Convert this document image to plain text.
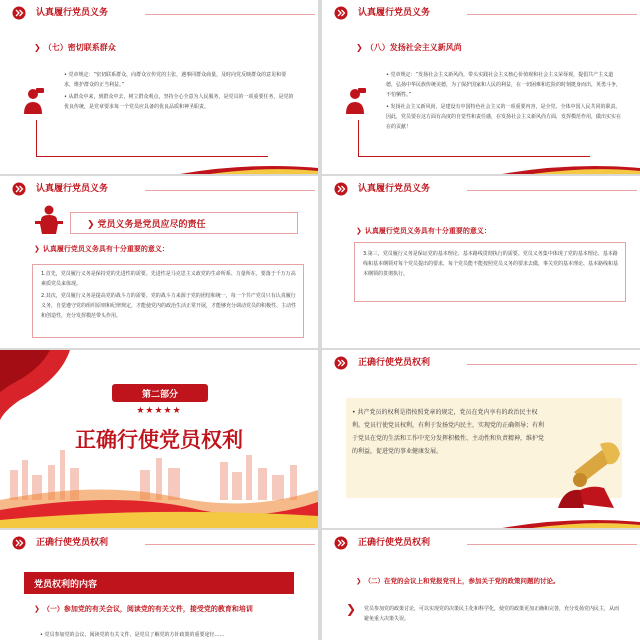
认真履行党员义务
❯ （七）密切联系群众

• 党章规定：“密切联系群众，向群众宣传党的主张，遇事同群众商量，及时向党反映群众的意见和要求，维护群众的正当利益。”

• 从群众中来，到群众中去，树立群众观点，坚持全心全意为人民服务，是党员的一项重要任务，是党的优良传统，是党章要求每一个党员应具备的优良品质和神圣职责。

认真履行党员义务
❯ （八）发扬社会主义新风尚

• 党章规定：“发扬社会主义新风尚，带头实践社会主义核心价值观和社会主义荣辱观，提倡共产主义道德，弘扬中华民族传统美德，为了保护国家和人民的利益，在一切困难和危险的时刻挺身而出，英勇斗争，不怕牺牲。”

• 发扬社会主义新风尚，是建设有中国特色社会主义的一项重要内容，是全党、全体中国人民共同的职责。因此，党员要在这方面有高度的自觉性和责任感，在发扬社会主义新风尚方面，发挥模范作用，做出实实在在的贡献！

认真履行党员义务
❯ 党员义务是党员应尽的责任
❯ 认真履行党员义务具有十分重要的意义：

1.首先，党员履行义务是保持党的先进性的需要。先进性是马克思主义政党的生命所系、力量所在，要落于千万万高素质党员来体现。

2.其次，党员履行义务是提高党的战斗力的需要。党的战斗力来源于党的团结和统一，每一个共产党员只有认真履行义务，自觉遵守党的组织原则和纪律规定，才能使党内的政治生活正常开展，才能够充分调动党员的积极性、主动性和创造性，充分发挥模范带头作用。

认真履行党员义务
❯ 认真履行党员义务具有十分重要的意义：
3.第三，党员履行义务是保证党的基本理论、基本路线贯彻执行的需要。党员义务集中体现了党的基本理论、基本路线和基本纲领对每个党员提出的要求，每个党员能不能按照党员义务的要求去做，事关党的基本理论、基本路线和基本纲领的贯彻执行。
第二部分
★★★★★
正确行使党员权利
正确行使党员权利
• 共产党员的权利是指按照党章的规定，党员在党内享有的政治民主权利。党员行使党员权利，有利于发扬党内民主，实现党的正确领导；有利于党员在党的生活和工作中充分发挥积极性、主动性和负责精神，维护党的利益，促进党的事业健康发展。
正确行使党员权利
党员权利的内容
❯ （一）参加党的有关会议，阅读党的有关文件，接受党的教育和培训
• 党员参加党的会议、阅读党的有关文件，是党员了解党的方针政策的重要途径……
正确行使党员权利
❯ （二）在党的会议上和党报党刊上，参加关于党的政策问题的讨论。
❯ 党员参加党的政策讨论，可以实现党的决策民主化和科学化，使党的政策更加正确和完善，充分发扬党内民主，从而避免重大决策失误。
